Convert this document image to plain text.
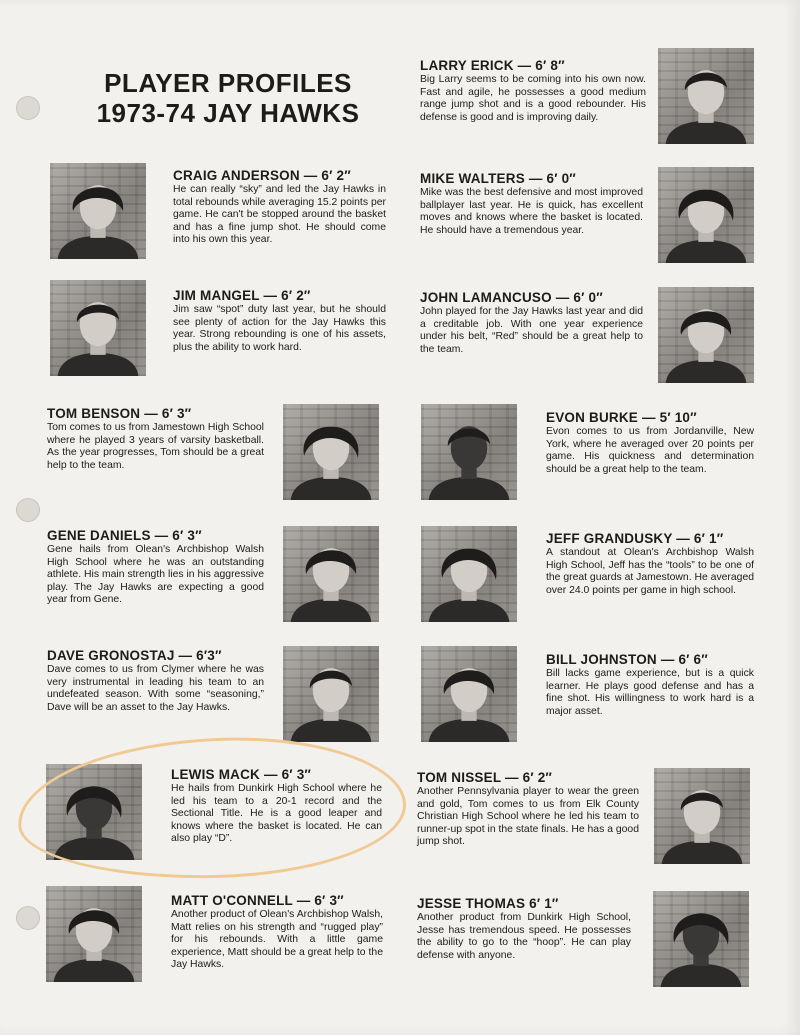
PLAYER PROFILES
1973-74 JAY HAWKS
LARRY ERICK — 6′ 8″
Big Larry seems to be coming into his own now. Fast and agile, he possesses a good medium range jump shot and is a good rebounder. His defense is good and is improving daily.
CRAIG ANDERSON — 6′ 2″
He can really “sky” and led the Jay Hawks in total rebounds while averaging 15.2 points per game. He can't be stopped around the basket and has a fine jump shot. He should come into his own this year.
MIKE WALTERS — 6′ 0″
Mike was the best defensive and most improved ballplayer last year. He is quick, has excellent moves and knows where the basket is located. He should have a tremendous year.
JIM MANGEL — 6′ 2″
Jim saw “spot” duty last year, but he should see plenty of action for the Jay Hawks this year. Strong rebounding is one of his assets, plus the ability to work hard.
JOHN LAMANCUSO — 6′ 0″
John played for the Jay Hawks last year and did a creditable job. With one year experience under his belt, “Red” should be a great help to the team.
TOM BENSON — 6′ 3″
Tom comes to us from Jamestown High School where he played 3 years of varsity basketball. As the year progresses, Tom should be a great help to the team.
EVON BURKE — 5′ 10″
Evon comes to us from Jordanville, New York, where he averaged over 20 points per game. His quickness and determination should be a great help to the team.
GENE DANIELS — 6′ 3″
Gene hails from Olean's Archbishop Walsh High School where he was an outstanding athlete. His main strength lies in his aggressive play. The Jay Hawks are expecting a good year from Gene.
JEFF GRANDUSKY — 6′ 1″
A standout at Olean's Archbishop Walsh High School, Jeff has the “tools” to be one of the great guards at Jamestown. He averaged over 24.0 points per game in high school.
DAVE GRONOSTAJ — 6′3″
Dave comes to us from Clymer where he was very instrumental in leading his team to an undefeated season. With some “seasoning,” Dave will be an asset to the Jay Hawks.
BILL JOHNSTON — 6′ 6″
Bill lacks game experience, but is a quick learner. He plays good defense and has a fine shot. His willingness to work hard is a major asset.
LEWIS MACK — 6′ 3″
He hails from Dunkirk High School where he led his team to a 20-1 record and the Sectional Title. He is a good leaper and knows where the basket is located. He can also play “D”.
TOM NISSEL — 6′ 2″
Another Pennsylvania player to wear the green and gold, Tom comes to us from Elk County Christian High School where he led his team to runner-up spot in the state finals. He has a good jump shot.
MATT O'CONNELL — 6′ 3″
Another product of Olean's Archbishop Walsh, Matt relies on his strength and “rugged play” for his rebounds. With a little game experience, Matt should be a great help to the Jay Hawks.
JESSE THOMAS 6′ 1″
Another product from Dunkirk High School, Jesse has tremendous speed. He possesses the ability to go to the “hoop”. He can play defense with anyone.
